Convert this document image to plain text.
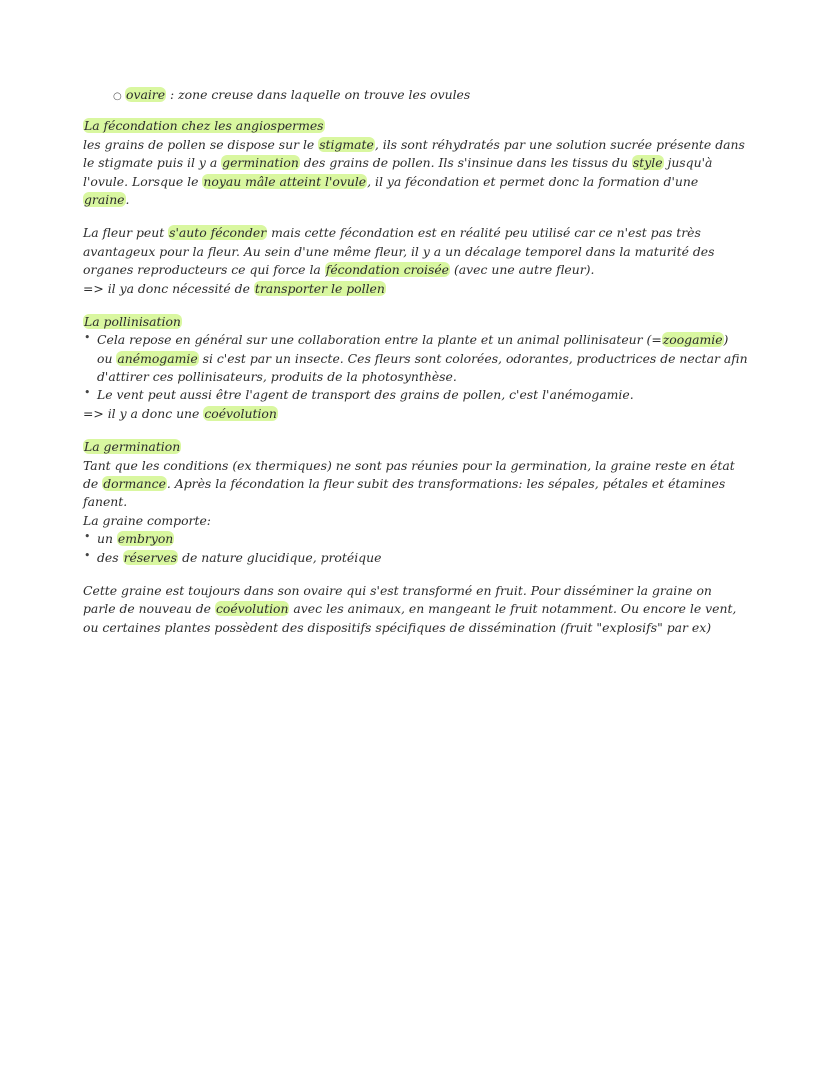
○ ovaire : zone creuse dans laquelle on trouve les ovules
La fécondation chez les angiospermes
les grains de pollen se dispose sur le stigmate, ils sont réhydratés par une solution sucrée présente dans
le stigmate puis il y a germination des grains de pollen. Ils s'insinue dans les tissus du style jusqu'à
l'ovule. Lorsque le noyau mâle atteint l'ovule, il ya fécondation et permet donc la formation d'une
graine.
La fleur peut s'auto féconder mais cette fécondation est en réalité peu utilisé car ce n'est pas très
avantageux pour la fleur. Au sein d'une même fleur, il y a un décalage temporel dans la maturité des
organes reproducteurs ce qui force la fécondation croisée (avec une autre fleur).
=> il ya donc nécessité de transporter le pollen
La pollinisation
• Cela repose en général sur une collaboration entre la plante et un animal pollinisateur (=zoogamie)
ou anémogamie si c'est par un insecte. Ces fleurs sont colorées, odorantes, productrices de nectar afin
d'attirer ces pollinisateurs, produits de la photosynthèse.
• Le vent peut aussi être l'agent de transport des grains de pollen, c'est l'anémogamie.
=> il y a donc une coévolution
La germination
Tant que les conditions (ex thermiques) ne sont pas réunies pour la germination, la graine reste en état
de dormance. Après la fécondation la fleur subit des transformations: les sépales, pétales et étamines
fanent.
La graine comporte:
• un embryon
• des réserves de nature glucidique, protéique
Cette graine est toujours dans son ovaire qui s'est transformé en fruit. Pour disséminer la graine on
parle de nouveau de coévolution avec les animaux, en mangeant le fruit notamment. Ou encore le vent,
ou certaines plantes possèdent des dispositifs spécifiques de dissémination (fruit "explosifs" par ex)
